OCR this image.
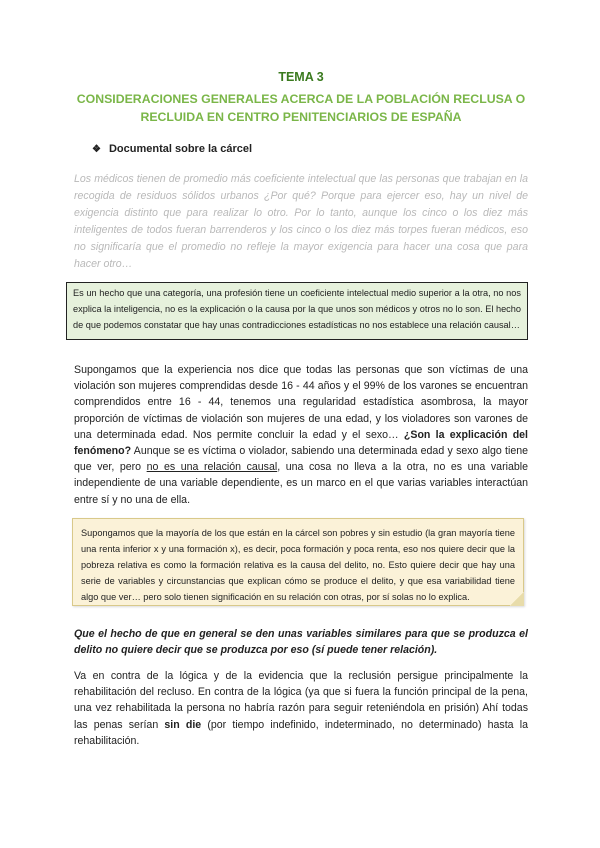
TEMA 3
CONSIDERACIONES GENERALES ACERCA DE LA POBLACIÓN RECLUSA O
RECLUIDA EN CENTRO PENITENCIARIOS DE ESPAÑA
❖ Documental sobre la cárcel
Los médicos tienen de promedio más coeficiente intelectual que las personas que trabajan en la recogida de residuos sólidos urbanos ¿Por qué? Porque para ejercer eso, hay un nivel de exigencia distinto que para realizar lo otro. Por lo tanto, aunque los cinco o los diez más inteligentes de todos fueran barrenderos y los cinco o los diez más torpes fueran médicos, eso no significaría que el promedio no refleje la mayor exigencia para hacer una cosa que para hacer otro…
Es un hecho que una categoría, una profesión tiene un coeficiente intelectual medio superior a la otra, no nos explica la inteligencia, no es la explicación o la causa por la que unos son médicos y otros no lo son. El hecho de que podemos constatar que hay unas contradicciones estadísticas no nos establece una relación causal…
Supongamos que la experiencia nos dice que todas las personas que son víctimas de una violación son mujeres comprendidas desde 16 - 44 años y el 99% de los varones se encuentran comprendidos entre 16 - 44, tenemos una regularidad estadística asombrosa, la mayor proporción de víctimas de violación son mujeres de una edad, y los violadores son varones de una determinada edad. Nos permite concluir la edad y el sexo… ¿Son la explicación del fenómeno? Aunque se es víctima o violador, sabiendo una determinada edad y sexo algo tiene que ver, pero no es una relación causal, una cosa no lleva a la otra, no es una variable independiente de una variable dependiente, es un marco en el que varias variables interactúan entre sí y no una de ella.
Supongamos que la mayoría de los que están en la cárcel son pobres y sin estudio (la gran mayoría tiene una renta inferior x y una formación x), es decir, poca formación y poca renta, eso nos quiere decir que la pobreza relativa es como la formación relativa es la causa del delito, no. Esto quiere decir que hay una serie de variables y circunstancias que explican cómo se produce el delito, y que esa variabilidad tiene algo que ver… pero solo tienen significación en su relación con otras, por sí solas no lo explica.
Que el hecho de que en general se den unas variables similares para que se produzca el delito no quiere decir que se produzca por eso (sí puede tener relación).
Va en contra de la lógica y de la evidencia que la reclusión persigue principalmente la rehabilitación del recluso. En contra de la lógica (ya que si fuera la función principal de la pena, una vez rehabilitada la persona no habría razón para seguir reteniéndola en prisión) Ahí todas las penas serían sin die (por tiempo indefinido, indeterminado, no determinado) hasta la rehabilitación.
